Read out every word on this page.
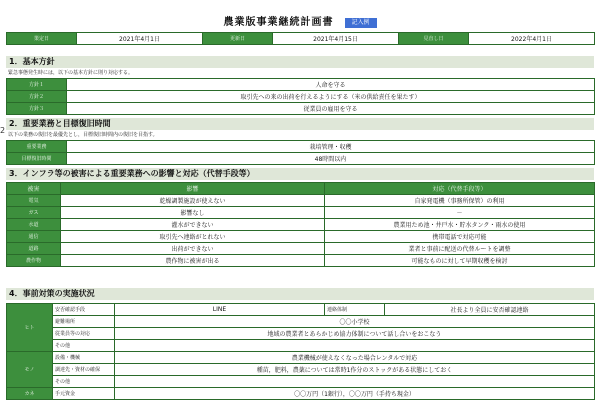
農業版事業継続計画書	記入例
策定日	2021年4月1日	更新日	2021年4月15日	見直し日	2022年4月1日
1．基本方針
緊急事態発生時には，以下の基本方針に則り対応する。
方針１	人命を守る
方針２	取引先への来の出荷を行えるようにする（米の供給責任を果たす）
方針３	従業員の雇用を守る
2
2．重要業務と目標復旧時間
以下の業務の復旧を最優先とし，目標復旧時間内の復旧を目指す。
重要業務	栽培管理・収穫
目標復旧時間	48時間以内
3．インフラ等の被害による重要業務への影響と対応（代替手段等）
被害	影響	対応（代替手段等）
電気	乾燥調製施設が使えない	自家発電機（事務所保管）の利用
ガス	影響なし	－
水道	灌水ができない	農業用ため池・井戸水・貯水タンク・雨水の使用
通信	取引先へ連絡がとれない	携帯電話で対応可能
道路	出荷ができない	業者と事前に配送の代替ルートを調整
農作物	農作物に被害が出る	可能なものに対して早期収穫を検討
4．事前対策の実施状況
ヒト	安否確認手段	LINE	連絡体制	社長より全員に安否確認連絡
	避難場所	〇〇小学校		
	従業員等の対応	地域の農業者とあらかじめ協力体制について話し合いをおこなう		
	その他			
モノ	設備・機械	農業機械が使えなくなった場合レンタルで対応		
	調達先・資材の確保	種苗，肥料，農薬については常時1作分のストックがある状態にしておく		
	その他			
カネ	手元資金	〇〇万円（1銀行），〇〇万円（手持ち現金）		
